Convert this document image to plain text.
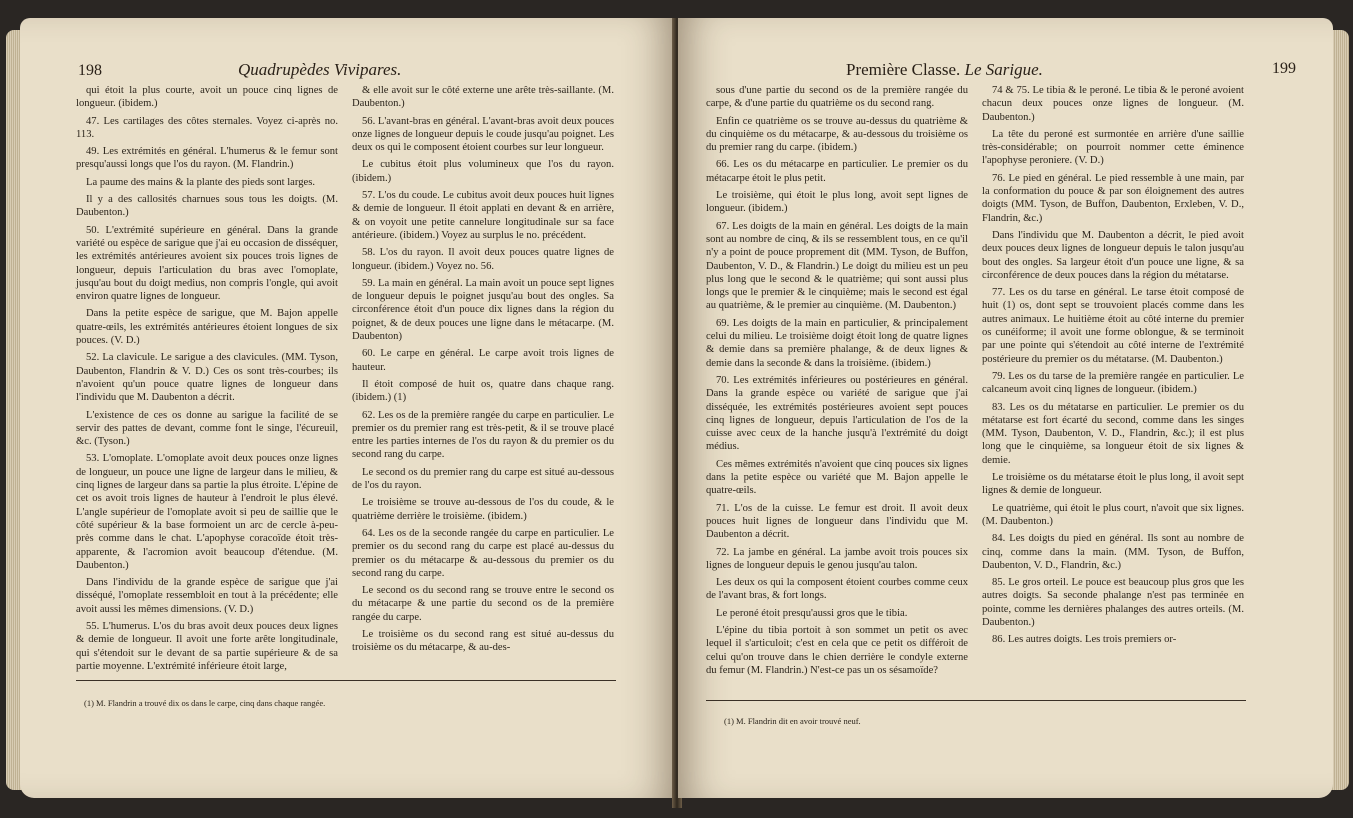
198	Quadrupèdes Vivipares.

qui étoit la plus courte, avoit un pouce cinq lignes de longueur. (ibidem.)

47. Les cartilages des côtes sternales. Voyez ci-après no. 113.

49. Les extrémités en général. L'humerus & le femur sont presqu'aussi longs que l'os du rayon. (M. Flandrin.)

La paume des mains & la plante des pieds sont larges.

Il y a des callosités charnues sous tous les doigts. (M. Daubenton.)

50. L'extrémité supérieure en général. Dans la grande variété ou espèce de sarigue que j'ai eu occasion de disséquer, les extrémités antérieures avoient six pouces trois lignes de longueur, depuis l'articulation du bras avec l'omoplate, jusqu'au bout du doigt medius, non compris l'ongle, qui avoit environ quatre lignes de longueur.

Dans la petite espèce de sarigue, que M. Bajon appelle quatre-œils, les extrémités antérieures étoient longues de six pouces. (V. D.)

52. La clavicule. Le sarigue a des clavicules. (MM. Tyson, Daubenton, Flandrin & V. D.) Ces os sont très-courbes; ils n'avoient qu'un pouce quatre lignes de longueur dans l'individu que M. Daubenton a décrit.

L'existence de ces os donne au sarigue la facilité de se servir des pattes de devant, comme font le singe, l'écureuil, &c. (Tyson.)

53. L'omoplate. L'omoplate avoit deux pouces onze lignes de longueur, un pouce une ligne de largeur dans le milieu, & cinq lignes de largeur dans sa partie la plus étroite. L'épine de cet os avoit trois lignes de hauteur à l'endroit le plus élevé. L'angle supérieur de l'omoplate avoit si peu de saillie que le côté supérieur & la base formoient un arc de cercle à-peu-près comme dans le chat. L'apophyse coracoïde étoit très-apparente, & l'acromion avoit beaucoup d'étendue. (M. Daubenton.)

Dans l'individu de la grande espèce de sarigue que j'ai disséqué, l'omoplate ressembloit en tout à la précédente; elle avoit aussi les mêmes dimensions. (V. D.)

55. L'humerus. L'os du bras avoit deux pouces deux lignes & demie de longueur. Il avoit une forte arête longitudinale, qui s'étendoit sur le devant de sa partie supérieure & de sa partie moyenne. L'extrémité inférieure étoit large,

& elle avoit sur le côté externe une arête très-saillante. (M. Daubenton.)

56. L'avant-bras en général. L'avant-bras avoit deux pouces onze lignes de longueur depuis le coude jusqu'au poignet. Les deux os qui le composent étoient courbes sur leur longueur.

Le cubitus étoit plus volumineux que l'os du rayon. (ibidem.)

57. L'os du coude. Le cubitus avoit deux pouces huit lignes & demie de longueur. Il étoit applati en devant & en arrière, & on voyoit une petite cannelure longitudinale sur sa face antérieure. (ibidem.) Voyez au surplus le no. précédent.

58. L'os du rayon. Il avoit deux pouces quatre lignes de longueur. (ibidem.) Voyez no. 56.

59. La main en général. La main avoit un pouce sept lignes de longueur depuis le poignet jusqu'au bout des ongles. Sa circonférence étoit d'un pouce dix lignes dans la région du poignet, & de deux pouces une ligne dans le métacarpe. (M. Daubenton)

60. Le carpe en général. Le carpe avoit trois lignes de hauteur.

Il étoit composé de huit os, quatre dans chaque rang. (ibidem.) (1)

62. Les os de la première rangée du carpe en particulier. Le premier os du premier rang est très-petit, & il se trouve placé entre les parties internes de l'os du rayon & du premier os du second rang du carpe.

Le second os du premier rang du carpe est situé au-dessous de l'os du rayon.

Le troisième se trouve au-dessous de l'os du coude, & le quatrième derrière le troisième. (ibidem.)

64. Les os de la seconde rangée du carpe en particulier. Le premier os du second rang du carpe est placé au-dessus du premier os du métacarpe & au-dessous du premier os du second rang du carpe.

Le second os du second rang se trouve entre le second os du métacarpe & une partie du second os de la première rangée du carpe.

Le troisième os du second rang est situé au-dessus du troisième os du métacarpe, & au-des-

(1) M. Flandrin a trouvé dix os dans le carpe, cinq dans chaque rangée.
Première Classe. Le Sarigue.	199

sous d'une partie du second os de la première rangée du carpe, & d'une partie du quatrième os du second rang.

Enfin ce quatrième os se trouve au-dessus du quatrième & du cinquième os du métacarpe, & au-dessous du troisième os du premier rang du carpe. (ibidem.)

66. Les os du métacarpe en particulier. Le premier os du métacarpe étoit le plus petit.

Le troisième, qui étoit le plus long, avoit sept lignes de longueur. (ibidem.)

67. Les doigts de la main en général. Les doigts de la main sont au nombre de cinq, & ils se ressemblent tous, en ce qu'il n'y a point de pouce proprement dit (MM. Tyson, de Buffon, Daubenton, V. D., & Flandrin.) Le doigt du milieu est un peu plus long que le second & le quatrième; qui sont aussi plus longs que le premier & le cinquième; mais le second est égal au quatrième, & le premier au cinquième. (M. Daubenton.)

69. Les doigts de la main en particulier, & principalement celui du milieu. Le troisième doigt étoit long de quatre lignes & demie dans sa première phalange, & de deux lignes & demie dans la seconde & dans la troisième. (ibidem.)

70. Les extrémités inférieures ou postérieures en général. Dans la grande espèce ou variété de sarigue que j'ai disséquée, les extrémités postérieures avoient sept pouces cinq lignes de longueur, depuis l'articulation de l'os de la cuisse avec ceux de la hanche jusqu'à l'extrémité du doigt médius.

Ces mêmes extrémités n'avoient que cinq pouces six lignes dans la petite espèce ou variété que M. Bajon appelle le quatre-œils.

71. L'os de la cuisse. Le femur est droit. Il avoit deux pouces huit lignes de longueur dans l'individu que M. Daubenton a décrit.

72. La jambe en général. La jambe avoit trois pouces six lignes de longueur depuis le genou jusqu'au talon.

Les deux os qui la composent étoient courbes comme ceux de l'avant bras, & fort longs.

Le peroné étoit presqu'aussi gros que le tibia.

L'épine du tibia portoit à son sommet un petit os avec lequel il s'articuloit; c'est en cela que ce petit os différoit de celui qu'on trouve dans le chien derrière le condyle externe du femur (M. Flandrin.) N'est-ce pas un os sésamoïde?

74 & 75. Le tibia & le peroné. Le tibia & le peroné avoient chacun deux pouces onze lignes de longueur. (M. Daubenton.)

La tête du peroné est surmontée en arrière d'une saillie très-considérable; on pourroit nommer cette éminence l'apophyse peroniere. (V. D.)

76. Le pied en général. Le pied ressemble à une main, par la conformation du pouce & par son éloignement des autres doigts (MM. Tyson, de Buffon, Daubenton, Erxleben, V. D., Flandrin, &c.)

Dans l'individu que M. Daubenton a décrit, le pied avoit deux pouces deux lignes de longueur depuis le talon jusqu'au bout des ongles. Sa largeur étoit d'un pouce une ligne, & sa circonférence de deux pouces dans la région du métatarse.

77. Les os du tarse en général. Le tarse étoit composé de huit (1) os, dont sept se trouvoient placés comme dans les autres animaux. Le huitième étoit au côté interne du premier os cunéiforme; il avoit une forme oblongue, & se terminoit par une pointe qui s'étendoit au côté interne de l'extrémité postérieure du premier os du métatarse. (M. Daubenton.)

79. Les os du tarse de la première rangée en particulier. Le calcaneum avoit cinq lignes de longueur. (ibidem.)

83. Les os du métatarse en particulier. Le premier os du métatarse est fort écarté du second, comme dans les singes (MM. Tyson, Daubenton, V. D., Flandrin, &c.); il est plus long que le cinquième, sa longueur étoit de six lignes & demie.

Le troisième os du métatarse étoit le plus long, il avoit sept lignes & demie de longueur.

Le quatrième, qui étoit le plus court, n'avoit que six lignes. (M. Daubenton.)

84. Les doigts du pied en général. Ils sont au nombre de cinq, comme dans la main. (MM. Tyson, de Buffon, Daubenton, V. D., Flandrin, &c.)

85. Le gros orteil. Le pouce est beaucoup plus gros que les autres doigts. Sa seconde phalange n'est pas terminée en pointe, comme les dernières phalanges des autres orteils. (M. Daubenton.)

86. Les autres doigts. Les trois premiers or-

(1) M. Flandrin dit en avoir trouvé neuf.
